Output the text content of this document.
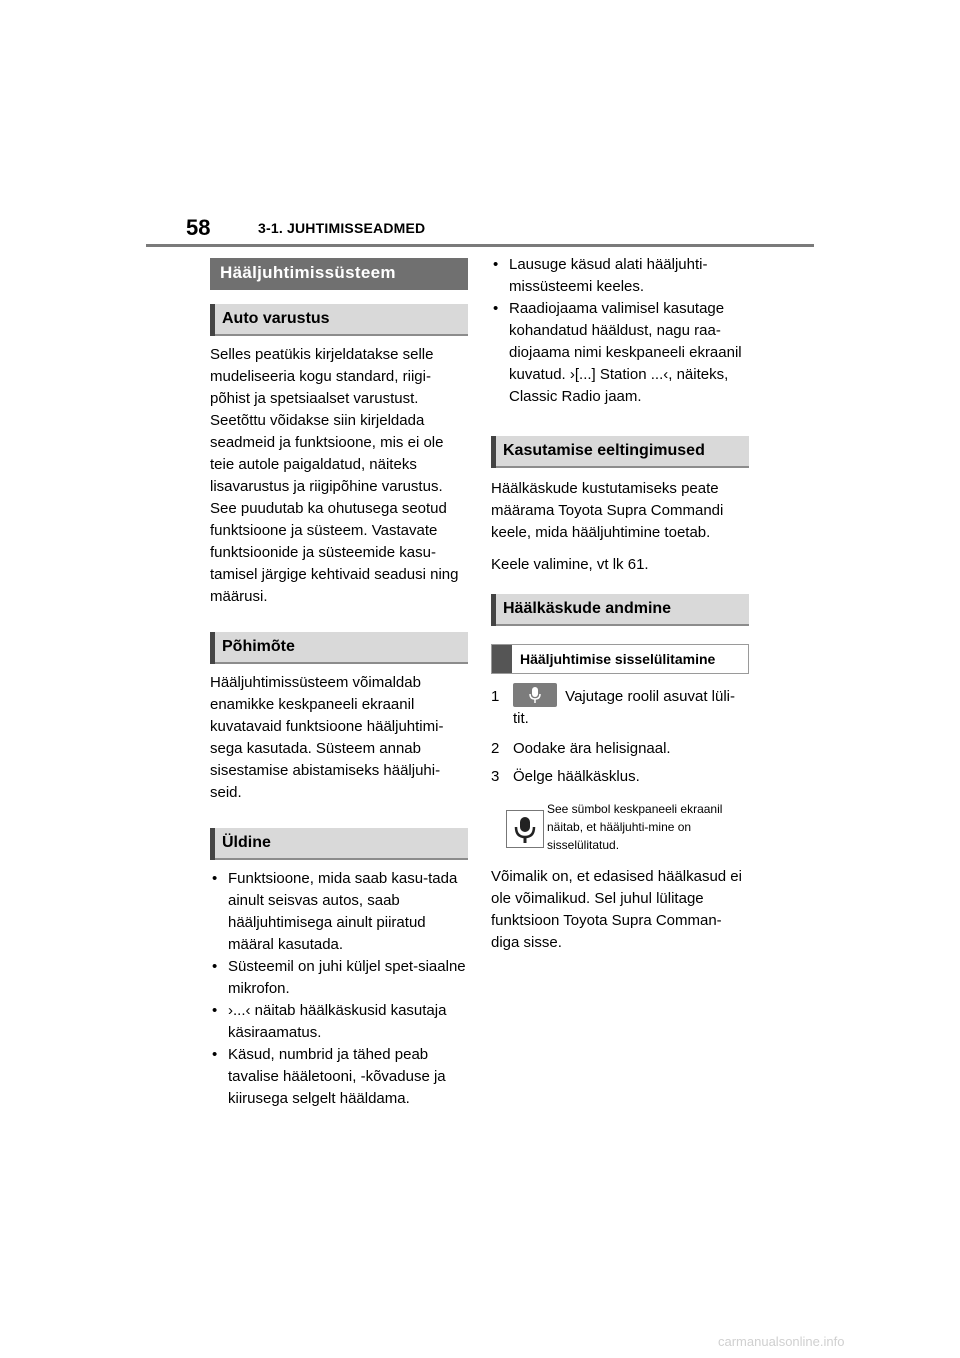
58	3-1. JUHTIMISSEADMED
Hääljuhtimissüsteem
Auto varustus

Selles peatükis kirjeldatakse selle mudeliseeria kogu standard, riigi-põhist ja spetsiaalset varustust. Seetõttu võidakse siin kirjeldada seadmeid ja funktsioone, mis ei ole teie autole paigaldatud, näiteks lisavarustus ja riigipõhine varustus. See puudutab ka ohutusega seotud funktsioone ja süsteem. Vastavate funktsioonide ja süsteemide kasu-tamisel järgige kehtivaid seadusi ning määrusi.

Põhimõte

Hääljuhtimissüsteem võimaldab enamikke keskpaneeli ekraanil kuvatavaid funktsioone hääljuhtimi-sega kasutada. Süsteem annab sisestamise abistamiseks hääljuhi-seid.

Üldine
• Funktsioone, mida saab kasu-tada ainult seisvas autos, saab hääljuhtimisega ainult piiratud määral kasutada.
• Süsteemil on juhi küljel spet-siaalne mikrofon.
• ›...‹ näitab häälkäskusid kasutaja käsiraamatus.
• Käsud, numbrid ja tähed peab tavalise hääletooni, -kõvaduse ja kiirusega selgelt hääldama.
• Lausuge käsud alati hääljuhti-missüsteemi keeles.
• Raadiojaama valimisel kasutage kohandatud hääldust, nagu raa-diojaama nimi keskpaneeli ekraanil kuvatud. ›[...] Station ...‹, näiteks, Classic Radio jaam.
Kasutamise eeltingimused

Häälkäskude kustutamiseks peate määrama Toyota Supra Commandi keele, mida hääljuhtimine toetab.

Keele valimine, vt lk 61.

Häälkäskude andmine
Hääljuhtimise sisselülitamine
1	Vajutage roolil asuvat lüli-tit.
2 Oodake ära helisignaal.
3 Öelge häälkäsklus.
See sümbol keskpaneeli ekraanil näitab, et hääljuhti-mine on sisselülitatud.

Võimalik on, et edasised häälkasud ei ole võimalikud. Sel juhul lülitage funktsioon Toyota Supra Comman-diga sisse.

carmanualsonline.info
